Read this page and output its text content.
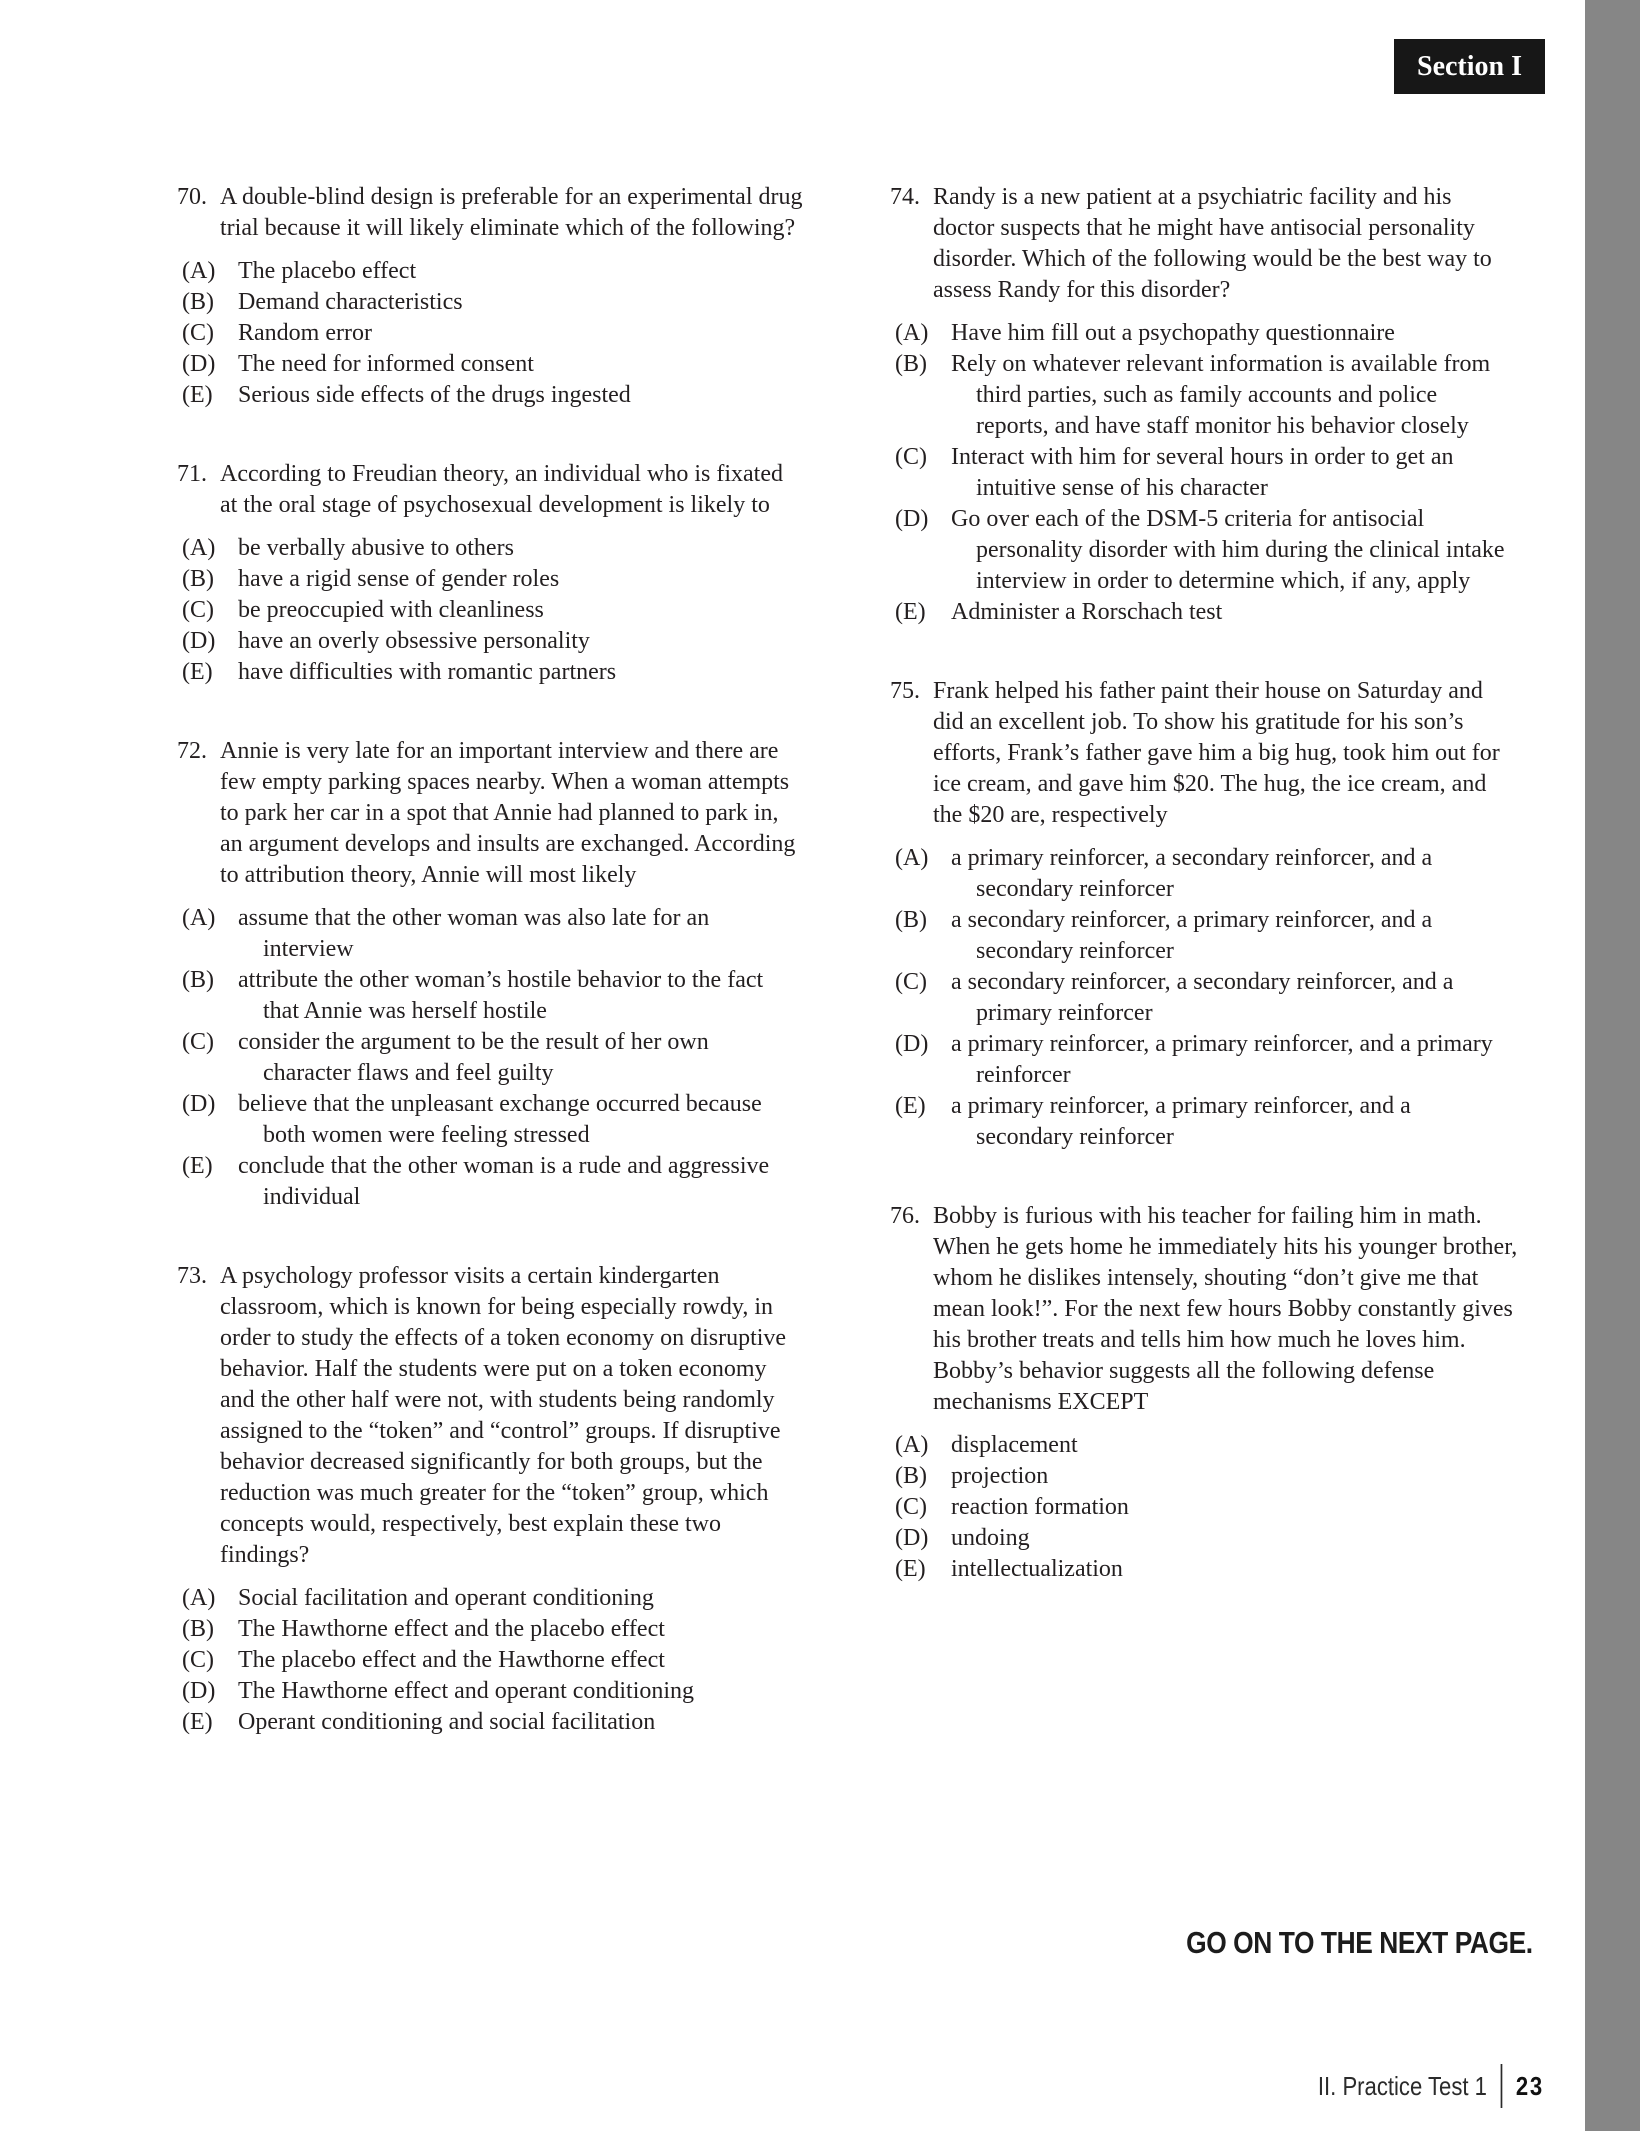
Section I
70. A double-blind design is preferable for an experimental drug trial because it will likely eliminate which of the following?
(A) The placebo effect
(B)	Demand characteristics
(C)	Random error
(D) The need for informed consent
(E)	Serious side effects of the drugs ingested
71. According to Freudian theory, an individual who is fixated at the oral stage of psychosexual development is likely to
(A) be verbally abusive to others
(B)	have a rigid sense of gender roles
(C)	be preoccupied with cleanliness
(D) have an overly obsessive personality
(E)	have difficulties with romantic partners
72. Annie is very late for an important interview and there are few empty parking spaces nearby. When a woman attempts to park her car in a spot that Annie had planned to park in, an argument develops and insults are exchanged. According to attribution theory, Annie will most likely
(A) assume that the other woman was also late for an interview
(B)	attribute the other woman’s hostile behavior to the fact that Annie was herself hostile
(C)	consider the argument to be the result of her own character flaws and feel guilty
(D) believe that the unpleasant exchange occurred because both women were feeling stressed
(E)	conclude that the other woman is a rude and aggressive individual
73. A psychology professor visits a certain kindergarten classroom, which is known for being especially rowdy, in order to study the effects of a token economy on disruptive behavior. Half the students were put on a token economy and the other half were not, with students being randomly assigned to the “token” and “control” groups. If disruptive behavior decreased significantly for both groups, but the reduction was much greater for the “token” group, which concepts would, respectively, best explain these two findings?
(A) Social facilitation and operant conditioning
(B)	The Hawthorne effect and the placebo effect
(C)	The placebo effect and the Hawthorne effect
(D) The Hawthorne effect and operant conditioning
(E)	Operant conditioning and social facilitation
74. Randy is a new patient at a psychiatric facility and his doctor suspects that he might have antisocial personality disorder. Which of the following would be the best way to assess Randy for this disorder?
(A) Have him fill out a psychopathy questionnaire
(B)	Rely on whatever relevant information is available from third parties, such as family accounts and police reports, and have staff monitor his behavior closely
(C)	Interact with him for several hours in order to get an intuitive sense of his character
(D) Go over each of the DSM-5 criteria for antisocial personality disorder with him during the clinical intake interview in order to determine which, if any, apply
(E)	Administer a Rorschach test
75. Frank helped his father paint their house on Saturday and did an excellent job. To show his gratitude for his son’s efforts, Frank’s father gave him a big hug, took him out for ice cream, and gave him $20. The hug, the ice cream, and the $20 are, respectively
(A) a primary reinforcer, a secondary reinforcer, and a secondary reinforcer
(B)	a secondary reinforcer, a primary reinforcer, and a secondary reinforcer
(C)	a secondary reinforcer, a secondary reinforcer, and a primary reinforcer
(D) a primary reinforcer, a primary reinforcer, and a primary reinforcer
(E)	a primary reinforcer, a primary reinforcer, and a secondary reinforcer
76. Bobby is furious with his teacher for failing him in math. When he gets home he immediately hits his younger brother, whom he dislikes intensely, shouting “don’t give me that mean look!”. For the next few hours Bobby constantly gives his brother treats and tells him how much he loves him. Bobby’s behavior suggests all the following defense mechanisms EXCEPT
(A) displacement
(B)	projection
(C)	reaction formation
(D) undoing
(E)	intellectualization
GO ON TO THE NEXT PAGE.
II. Practice Test 1 23
